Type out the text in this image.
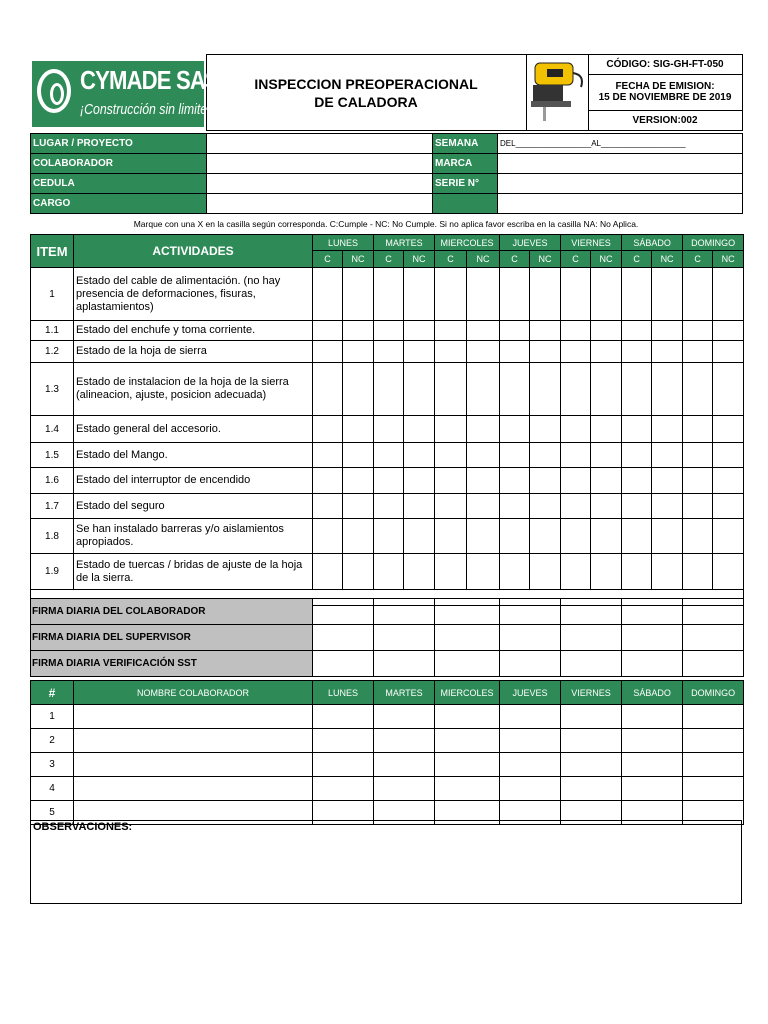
CYMADE SAS
¡Construcción sin limites!

INSPECCION PREOPERACIONAL
DE CALADORA
		CÓDIGO: SIG-GH-FT-050

FECHA DE EMISION:
15 DE NOVIEMBRE DE 2019

VERSION:002
LUGAR / PROYECTO		SEMANA	DEL_________________AL___________________
COLABORADOR		MARCA	
CEDULA		SERIE N°	
CARGO			
Marque con una X en la casilla según corresponda. C:Cumple - NC: No Cumple. Si no aplica favor escriba en la casilla NA: No Aplica.
ITEM	ACTIVIDADES	LUNES		MARTES		MIERCOLES		JUEVES		VIERNES		SÁBADO		DOMINGO	
		C	NC	C	NC	C	NC	C	NC	C	NC	C	NC	C	NC
1	Estado del cable de alimentación. (no hay presencia de deformaciones, fisuras, aplastamientos)														
1.1	Estado del enchufe y toma corriente.														
1.2	Estado de la hoja de sierra														
1.3	Estado de instalacion de la hoja de la sierra (alineacion, ajuste, posicion adecuada)														
1.4	Estado general del accesorio.														
1.5	Estado del Mango.														
1.6	Estado del interruptor de encendido														
1.7	Estado del seguro														
1.8	Se han instalado barreras y/o aislamientos apropiados.														
1.9	Estado de tuercas / bridas de ajuste de la hoja de la sierra.														

FIRMA DIARIA DEL COLABORADOR							
FIRMA DIARIA DEL SUPERVISOR							
FIRMA DIARIA VERIFICACIÓN SST							
#	NOMBRE COLABORADOR	LUNES	MARTES	MIERCOLES	JUEVES	VIERNES	SÁBADO	DOMINGO
1								
2								
3								
4								
5								
OBSERVACIONES:
